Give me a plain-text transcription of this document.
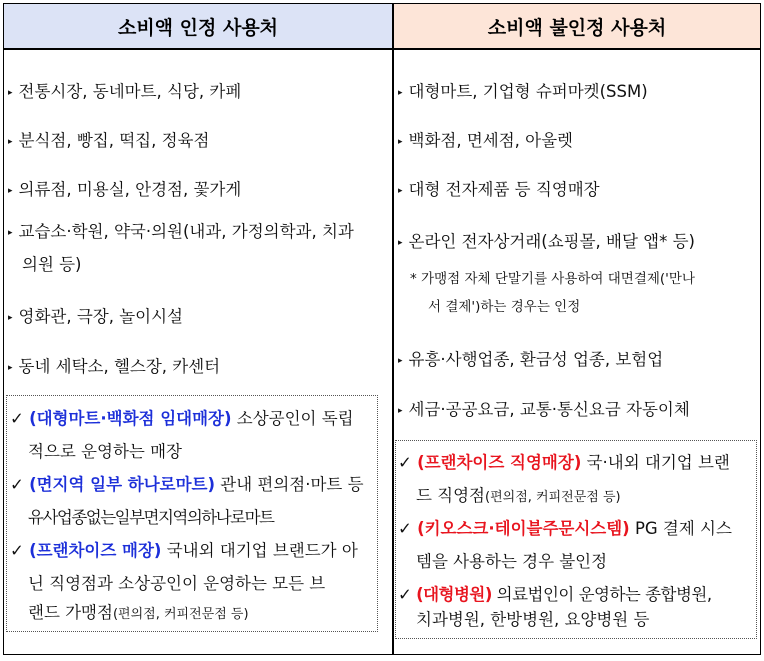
소비액 인정 사용처	소비액 불인정 사용처
▸ 전통시장, 동네마트, 식당, 카페
▸ 분식점, 빵집, 떡집, 정육점
▸ 의류점, 미용실, 안경점, 꽃가게
▸ 교습소·학원, 약국·의원(내과, 가정의학과, 치과
의원 등)
▸ 영화관, 극장, 놀이시설
▸ 동네 세탁소, 헬스장, 카센터
✓ (대형마트·백화점 임대매장) 소상공인이 독립
적으로 운영하는 매장
✓ (면지역 일부 하나로마트) 관내 편의점·마트 등
유사업종없는일부면지역의하나로마트
✓ (프랜차이즈 매장) 국내외 대기업 브랜드가 아
닌 직영점과 소상공인이 운영하는 모든 브
랜드 가맹점(편의점, 커피전문점 등)
▸ 대형마트, 기업형 슈퍼마켓(SSM)
▸ 백화점, 면세점, 아울렛
▸ 대형 전자제품 등 직영매장
▸ 온라인 전자상거래(쇼핑몰, 배달 앱* 등)
* 가맹점 자체 단말기를 사용하여 대면결제('만나
서 결제')하는 경우는 인정
▸ 유흥·사행업종, 환금성 업종, 보험업
▸ 세금·공공요금, 교통·통신요금 자동이체
✓ (프랜차이즈 직영매장) 국·내외 대기업 브랜
드 직영점(편의점, 커피전문점 등)
✓ (키오스크·테이블주문시스템) PG 결제 시스
템을 사용하는 경우 불인정
✓ (대형병원) 의료법인이 운영하는 종합병원,
치과병원, 한방병원, 요양병원 등
